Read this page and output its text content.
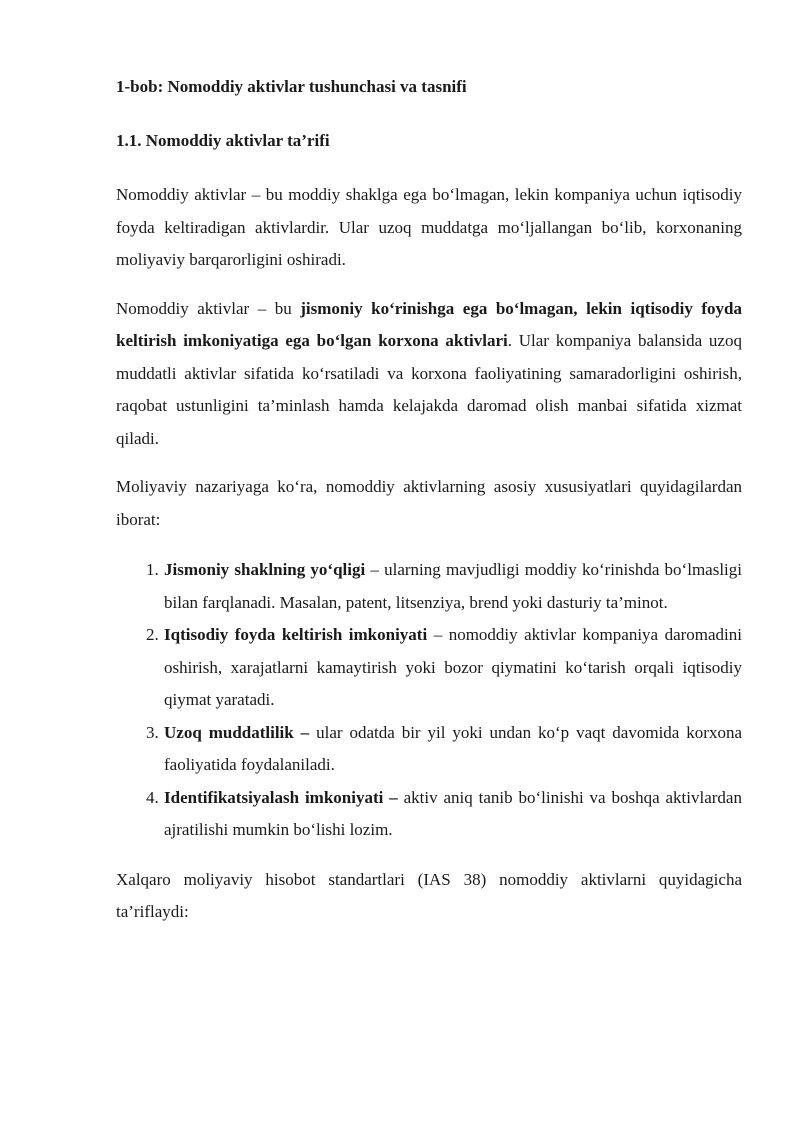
1-bob: Nomoddiy aktivlar tushunchasi va tasnifi
1.1. Nomoddiy aktivlar ta’rifi

Nomoddiy aktivlar – bu moddiy shaklga ega boʻlmagan, lekin kompaniya uchun iqtisodiy foyda keltiradigan aktivlardir. Ular uzoq muddatga moʻljallangan boʻlib, korxonaning moliyaviy barqarorligini oshiradi.

Nomoddiy aktivlar – bu jismoniy koʻrinishga ega boʻlmagan, lekin iqtisodiy foyda keltirish imkoniyatiga ega boʻlgan korxona aktivlari. Ular kompaniya balansida uzoq muddatli aktivlar sifatida koʻrsatiladi va korxona faoliyatining samaradorligini oshirish, raqobat ustunligini ta’minlash hamda kelajakda daromad olish manbai sifatida xizmat qiladi.

Moliyaviy nazariyaga koʻra, nomoddiy aktivlarning asosiy xususiyatlari quyidagilardan iborat:

1. Jismoniy shaklning yoʻqligi – ularning mavjudligi moddiy koʻrinishda boʻlmasligi bilan farqlanadi. Masalan, patent, litsenziya, brend yoki dasturiy ta’minot.
2. Iqtisodiy foyda keltirish imkoniyati – nomoddiy aktivlar kompaniya daromadini oshirish, xarajatlarni kamaytirish yoki bozor qiymatini koʻtarish orqali iqtisodiy qiymat yaratadi.
3. Uzoq muddatlilik – ular odatda bir yil yoki undan koʻp vaqt davomida korxona faoliyatida foydalaniladi.
4. Identifikatsiyalash imkoniyati – aktiv aniq tanib boʻlinishi va boshqa aktivlardan ajratilishi mumkin boʻlishi lozim.

Xalqaro moliyaviy hisobot standartlari (IAS 38) nomoddiy aktivlarni quyidagicha ta’riflaydi:
